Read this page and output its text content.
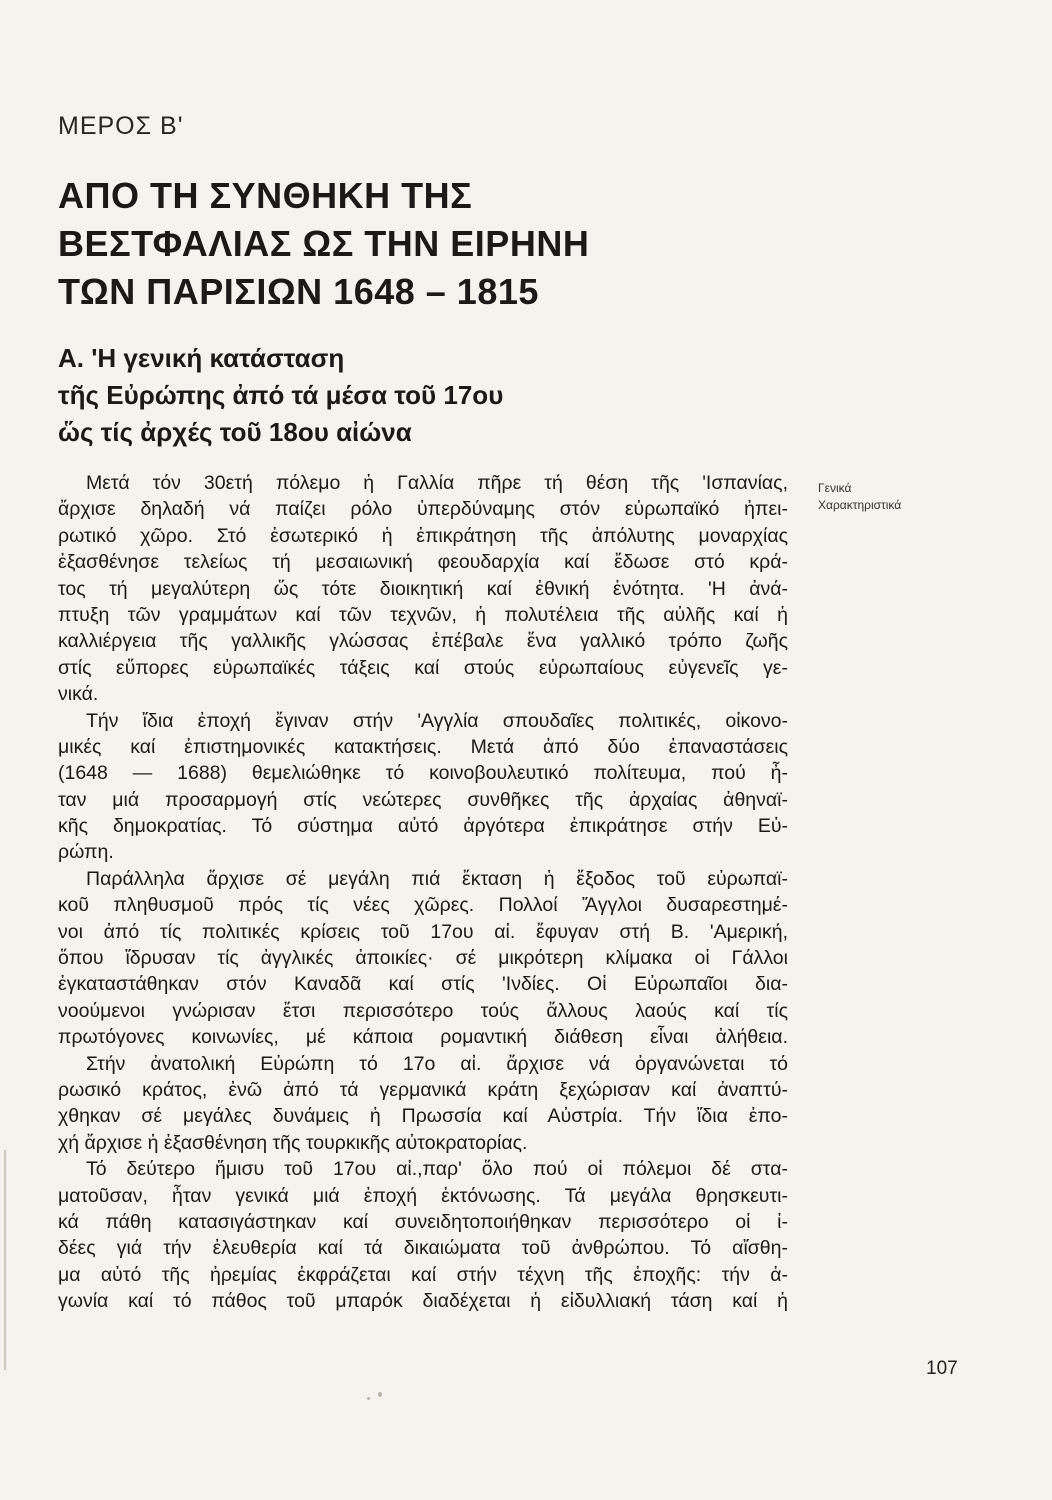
ΜΕΡΟΣ Β'
ΑΠΟ ΤΗ ΣΥΝΘΗΚΗ ΤΗΣ
ΒΕΣΤΦΑΛΙΑΣ ΩΣ ΤΗΝ ΕΙΡΗΝΗ
ΤΩΝ ΠΑΡΙΣΙΩΝ 1648 – 1815
Α. 'Η γενική κατάσταση
τῆς Εὐρώπης ἀπό τά μέσα τοῦ 17ου
ὥς τίς ἀρχές τοῦ 18ου αἰώνα
Γενικά
Χαρακτηριστικά
Μετά τόν 30ετή πόλεμο ἡ Γαλλία πῆρε τή θέση τῆς 'Ισπανίας,
ἄρχισε δηλαδή νά παίζει ρόλο ὑπερδύναμης στόν εὐρωπαϊκό ἠπει-
ρωτικό χῶρο. Στό ἐσωτερικό ἡ ἐπικράτηση τῆς ἀπόλυτης μοναρχίας
ἐξασθένησε τελείως τή μεσαιωνική φεουδαρχία καί ἔδωσε στό κρά-
τος τή μεγαλύτερη ὥς τότε διοικητική καί ἐθνική ἑνότητα. 'Η ἀνά-
πτυξη τῶν γραμμάτων καί τῶν τεχνῶν, ἡ πολυτέλεια τῆς αὐλῆς καί ἡ
καλλιέργεια τῆς γαλλικῆς γλώσσας ἐπέβαλε ἕνα γαλλικό τρόπο ζωῆς
στίς εὔπορες εὐρωπαϊκές τάξεις καί στούς εὐρωπαίους εὐγενεῖς γε-
νικά.
Τήν ἴδια ἐποχή ἔγιναν στήν 'Αγγλία σπουδαῖες πολιτικές, οἰκονο-
μικές καί ἐπιστημονικές κατακτήσεις. Μετά ἀπό δύο ἐπαναστάσεις
(1648 — 1688) θεμελιώθηκε τό κοινοβουλευτικό πολίτευμα, πού ἦ-
ταν μιά προσαρμογή στίς νεώτερες συνθῆκες τῆς ἀρχαίας ἀθηναϊ-
κῆς δημοκρατίας. Τό σύστημα αὐτό ἀργότερα ἐπικράτησε στήν Εὐ-
ρώπη.
Παράλληλα ἄρχισε σέ μεγάλη πιά ἔκταση ἡ ἔξοδος τοῦ εὐρωπαϊ-
κοῦ πληθυσμοῦ πρός τίς νέες χῶρες. Πολλοί Ἄγγλοι δυσαρεστημέ-
νοι ἀπό τίς πολιτικές κρίσεις τοῦ 17ου αἰ. ἔφυγαν στή Β. 'Αμερική,
ὅπου ἵδρυσαν τίς ἀγγλικές ἀποικίες· σέ μικρότερη κλίμακα οἱ Γάλλοι
ἐγκαταστάθηκαν στόν Καναδᾶ καί στίς 'Ινδίες. Οἱ Εὐρωπαῖοι δια-
νοούμενοι γνώρισαν ἔτσι περισσότερο τούς ἄλλους λαούς καί τίς
πρωτόγονες κοινωνίες, μέ κάποια ρομαντική διάθεση εἶναι ἀλήθεια.
Στήν ἀνατολική Εὐρώπη τό 17ο αἰ. ἄρχισε νά ὀργανώνεται τό
ρωσικό κράτος, ἐνῶ ἀπό τά γερμανικά κράτη ξεχώρισαν καί ἀναπτύ-
χθηκαν σέ μεγάλες δυνάμεις ἡ Πρωσσία καί Αὐστρία. Τήν ἴδια ἐπο-
χή ἄρχισε ἡ ἐξασθένηση τῆς τουρκικῆς αὐτοκρατορίας.
Τό δεύτερο ἥμισυ τοῦ 17ου αἰ.,παρ' ὅλο πού οἱ πόλεμοι δέ στα-
ματοῦσαν, ἦταν γενικά μιά ἐποχή ἐκτόνωσης. Τά μεγάλα θρησκευτι-
κά πάθη κατασιγάστηκαν καί συνειδητοποιήθηκαν περισσότερο οἱ ἰ-
δέες γιά τήν ἐλευθερία καί τά δικαιώματα τοῦ ἀνθρώπου. Τό αἴσθη-
μα αὐτό τῆς ἠρεμίας ἐκφράζεται καί στήν τέχνη τῆς ἐποχῆς: τήν ἀ-
γωνία καί τό πάθος τοῦ μπαρόκ διαδέχεται ἡ εἰδυλλιακή τάση καί ἡ
107
